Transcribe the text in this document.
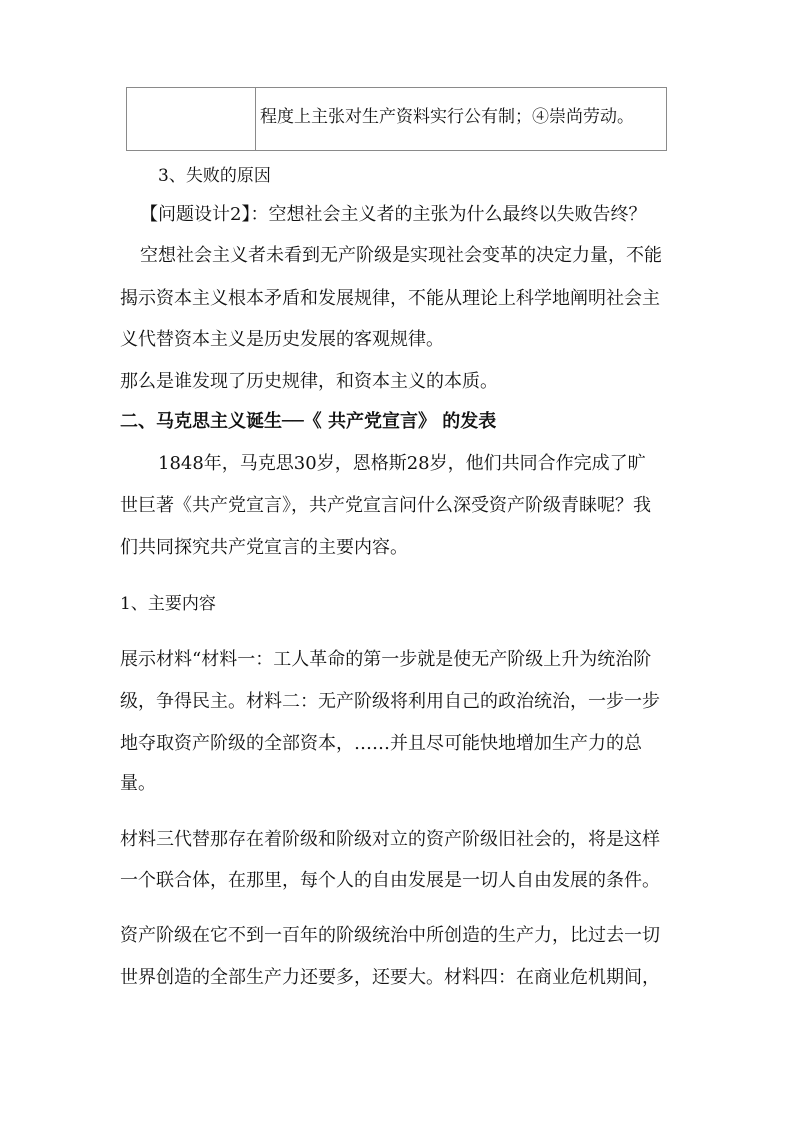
程度上主张对生产资料实行公有制；④崇尚劳动。
3、失败的原因
【问题设计2】：空想社会主义者的主张为什么最终以失败告终？
空想社会主义者未看到无产阶级是实现社会变革的决定力量，不能
揭示资本主义根本矛盾和发展规律，不能从理论上科学地阐明社会主
义代替资本主义是历史发展的客观规律。
那么是谁发现了历史规律，和资本主义的本质。
二、马克思主义诞生──《 共产党宣言》 的发表
1848年，马克思30岁，恩格斯28岁，他们共同合作完成了旷
世巨著《共产党宣言》，共产党宣言问什么深受资产阶级青睐呢？我
们共同探究共产党宣言的主要内容。
1、主要内容
展示材料“材料一：工人革命的第一步就是使无产阶级上升为统治阶
级，争得民主。材料二：无产阶级将利用自己的政治统治，一步一步
地夺取资产阶级的全部资本，……并且尽可能快地增加生产力的总
量。
材料三代替那存在着阶级和阶级对立的资产阶级旧社会的，将是这样
一个联合体，在那里，每个人的自由发展是一切人自由发展的条件。
资产阶级在它不到一百年的阶级统治中所创造的生产力，比过去一切
世界创造的全部生产力还要多，还要大。材料四：在商业危机期间，
